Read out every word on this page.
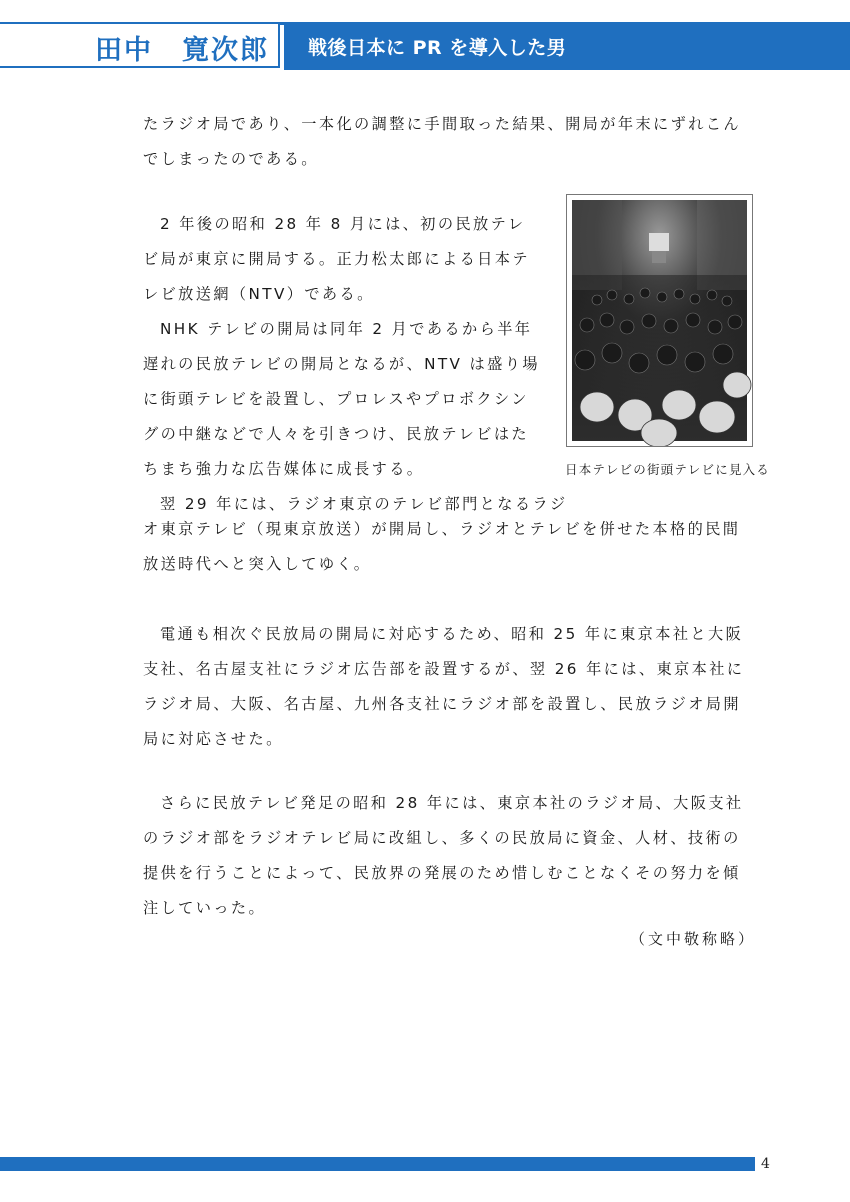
田中　寛次郎 戦後日本に PR を導入した男

たラジオ局であり、一本化の調整に手間取った結果、開局が年末にずれこんでしまったのである。

2 年後の昭和 28 年 8 月には、初の民放テレビ局が東京に開局する。正力松太郎による日本テレビ放送網（NTV）である。

NHK テレビの開局は同年 2 月であるから半年遅れの民放テレビの開局となるが、NTV は盛り場に街頭テレビを設置し、プロレスやプロボクシングの中継などで人々を引きつけ、民放テレビはたちまち強力な広告媒体に成長する。

翌 29 年には、ラジオ東京のテレビ部門となるラジ

オ東京テレビ（現東京放送）が開局し、ラジオとテレビを併せた本格的民間放送時代へと突入してゆく。

電通も相次ぐ民放局の開局に対応するため、昭和 25 年に東京本社と大阪支社、名古屋支社にラジオ広告部を設置するが、翌 26 年には、東京本社にラジオ局、大阪、名古屋、九州各支社にラジオ部を設置し、民放ラジオ局開局に対応させた。

さらに民放テレビ発足の昭和 28 年には、東京本社のラジオ局、大阪支社のラジオ部をラジオテレビ局に改組し、多くの民放局に資金、人材、技術の提供を行うことによって、民放界の発展のため惜しむことなくその努力を傾注していった。

日本テレビの街頭テレビに見入る
（文中敬称略）
4
